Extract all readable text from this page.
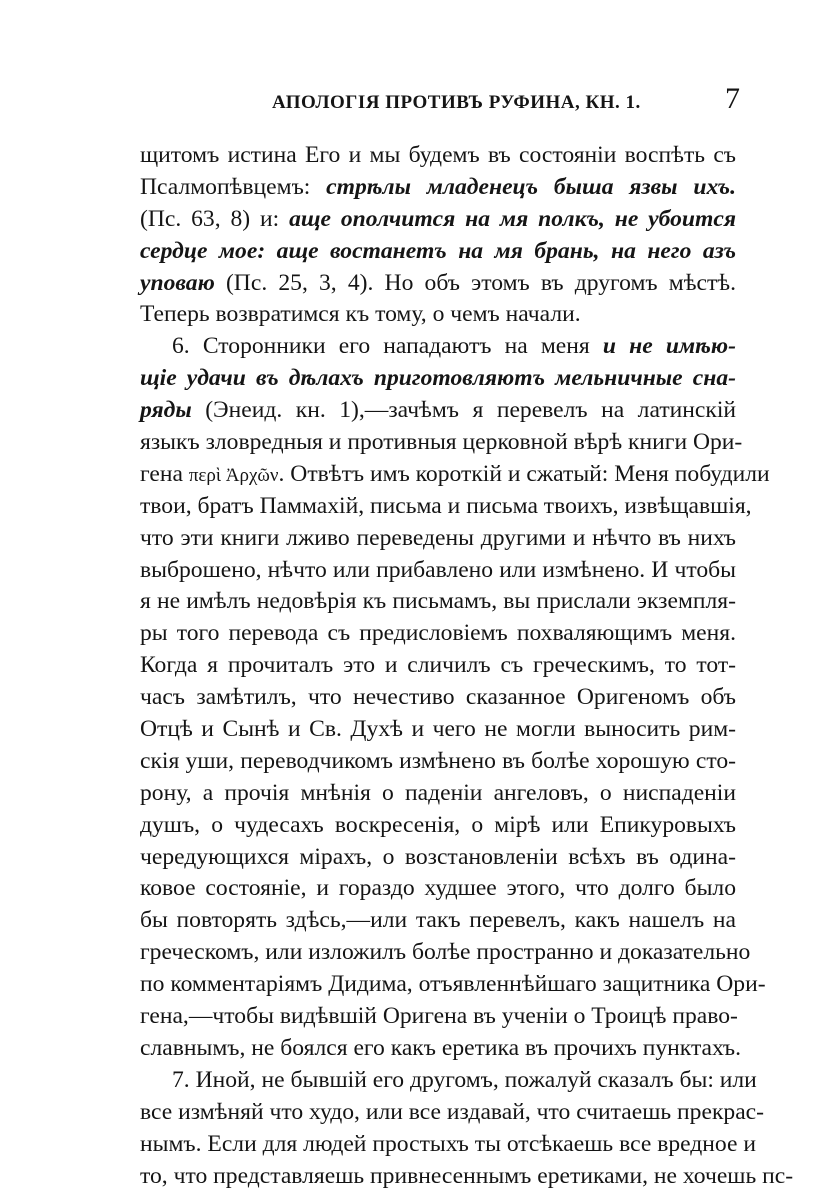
АПОЛОГІЯ ПРОТИВЪ РУФИНА, КН. 1.	7
щитомъ истина Его и мы будемъ въ состояніи воспѣть съ
Псалмопѣвцемъ: стрѣлы младенецъ быша язвы ихъ.
(Пс. 63, 8) и: аще ополчится на мя полкъ, не убоится
сердце мое: аще востанетъ на мя брань, на него азъ
уповаю (Пс. 25, 3, 4). Но объ этомъ въ другомъ мѣстѣ.
Теперь возвратимся къ тому, о чемъ начали.
6. Сторонники его нападаютъ на меня и не имѣю-
щіе удачи въ дѣлахъ приготовляютъ мельничные сна-
ряды (Энеид. кн. 1),—зачѣмъ я перевелъ на латинскій
языкъ зловредныя и противныя церковной вѣрѣ книги Ори-
гена περὶ Ἀρχῶν. Отвѣтъ имъ короткій и сжатый: Меня побудили
твои, братъ Паммахій, письма и письма твоихъ, извѣщавшія,
что эти книги лживо переведены другими и нѣчто въ нихъ
выброшено, нѣчто или прибавлено или измѣнено. И чтобы
я не имѣлъ недовѣрія къ письмамъ, вы прислали экземпля-
ры того перевода съ предисловіемъ похваляющимъ меня.
Когда я прочиталъ это и сличилъ съ греческимъ, то тот-
часъ замѣтилъ, что нечестиво сказанное Оригеномъ объ
Отцѣ и Сынѣ и Св. Духѣ и чего не могли выносить рим-
скія уши, переводчикомъ измѣнено въ болѣе хорошую сто-
рону, а прочія мнѣнія о паденіи ангеловъ, о ниспаденіи
душъ, о чудесахъ воскресенія, о мірѣ или Епикуровыхъ
чередующихся мірахъ, о возстановленіи всѣхъ въ одина-
ковое состояніе, и гораздо худшее этого, что долго было
бы повторять здѣсь,—или такъ перевелъ, какъ нашелъ на
греческомъ, или изложилъ болѣе пространно и доказательно
по комментаріямъ Дидима, отъявленнѣйшаго защитника Ори-
гена,—чтобы видѣвшій Оригена въ ученіи о Троицѣ право-
славнымъ, не боялся его какъ еретика въ прочихъ пунктахъ.
7. Иной, не бывшій его другомъ, пожалуй сказалъ бы: или
все измѣняй что худо, или все издавай, что считаешь прекрас-
нымъ. Если для людей простыхъ ты отсѣкаешь все вредное и
то, что представляешь привнесеннымъ еретиками, не хочешь пс-
